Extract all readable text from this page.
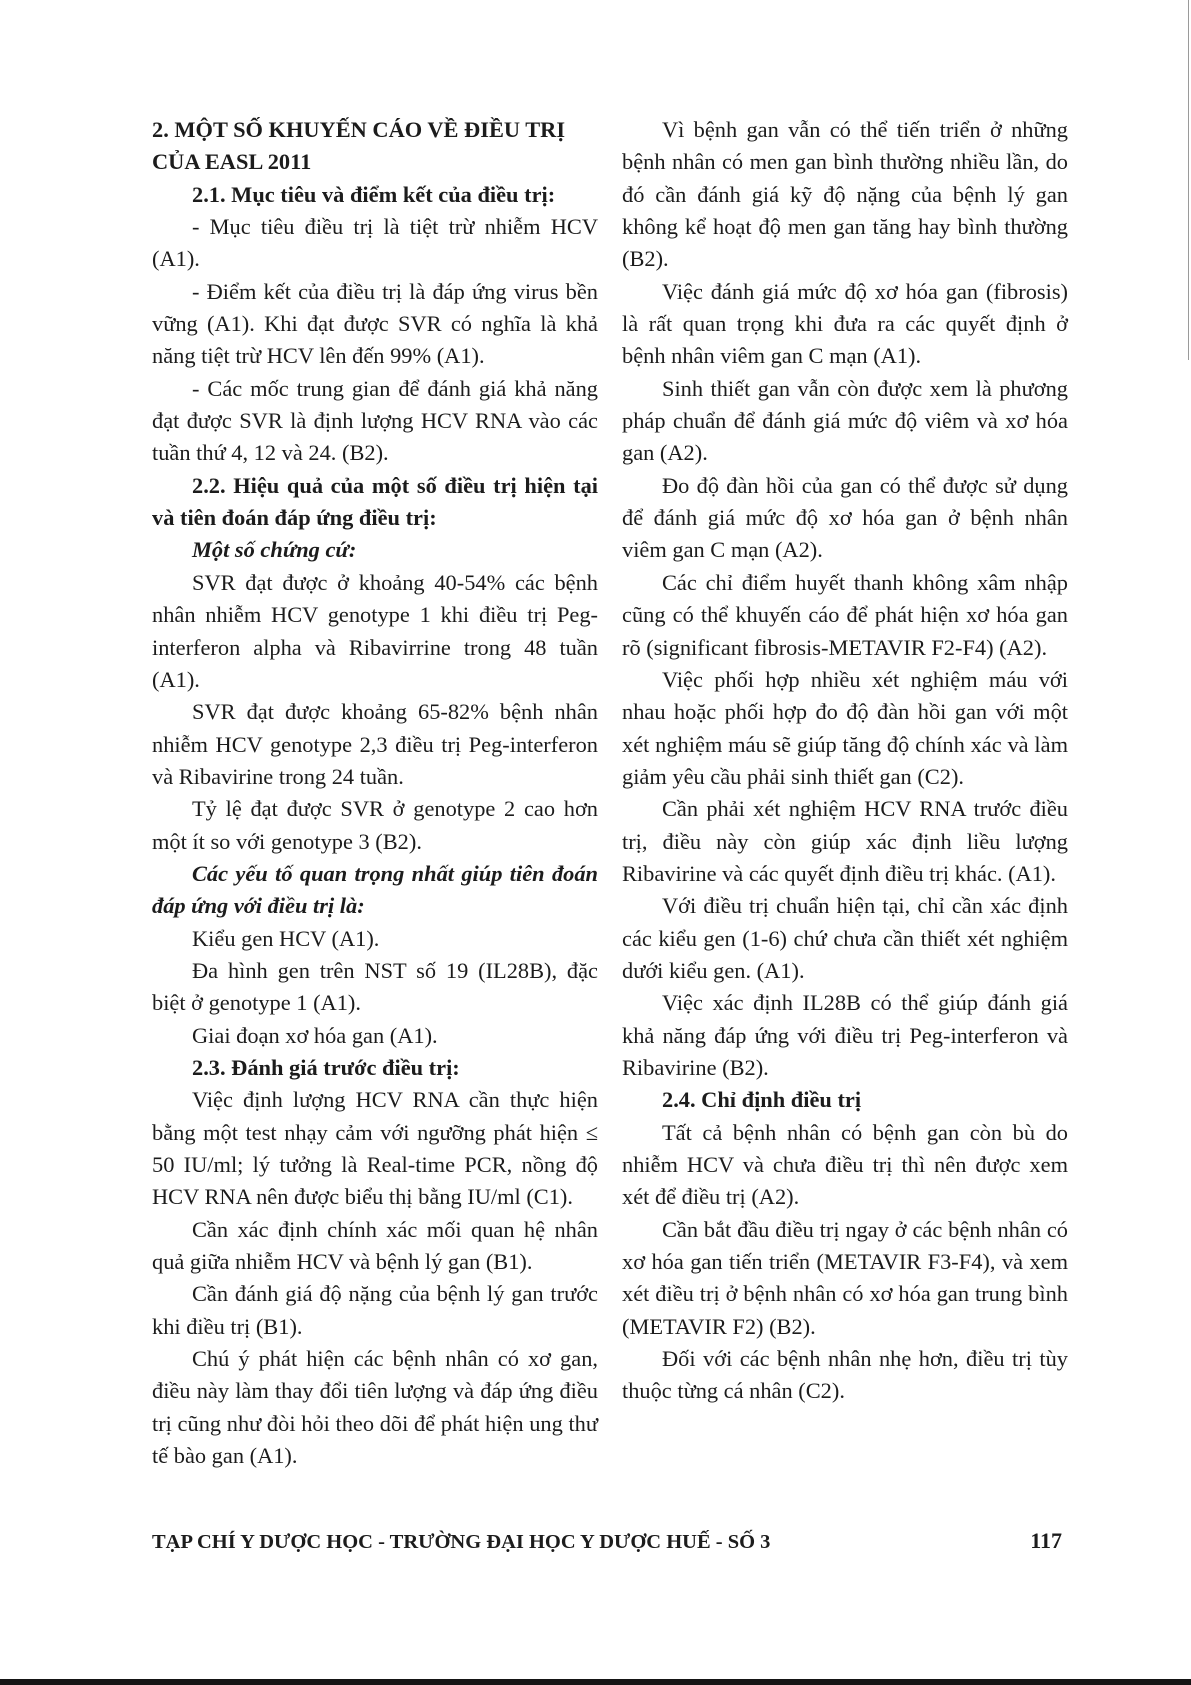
2. MỘT SỐ KHUYẾN CÁO VỀ ĐIỀU TRỊ CỦA EASL 2011

2.1. Mục tiêu và điểm kết của điều trị:

- Mục tiêu điều trị là tiệt trừ nhiễm HCV (A1).

- Điểm kết của điều trị là đáp ứng virus bền vững (A1). Khi đạt được SVR có nghĩa là khả năng tiệt trừ HCV lên đến 99% (A1).

- Các mốc trung gian để đánh giá khả năng đạt được SVR là định lượng HCV RNA vào các tuần thứ 4, 12 và 24. (B2).

2.2. Hiệu quả của một số điều trị hiện tại và tiên đoán đáp ứng điều trị:

Một số chứng cứ:

SVR đạt được ở khoảng 40-54% các bệnh nhân nhiễm HCV genotype 1 khi điều trị Peg-interferon alpha và Ribavirrine trong 48 tuần (A1).

SVR đạt được khoảng 65-82% bệnh nhân nhiễm HCV genotype 2,3 điều trị Peg-interferon và Ribavirine trong 24 tuần.

Tỷ lệ đạt được SVR ở genotype 2 cao hơn một ít so với genotype 3 (B2).

Các yếu tố quan trọng nhất giúp tiên đoán đáp ứng với điều trị là:

Kiểu gen HCV (A1).

Đa hình gen trên NST số 19 (IL28B), đặc biệt ở genotype 1 (A1).

Giai đoạn xơ hóa gan (A1).

2.3. Đánh giá trước điều trị:

Việc định lượng HCV RNA cần thực hiện bằng một test nhạy cảm với ngưỡng phát hiện ≤ 50 IU/ml; lý tưởng là Real-time PCR, nồng độ HCV RNA nên được biểu thị bằng IU/ml (C1).

Cần xác định chính xác mối quan hệ nhân quả giữa nhiễm HCV và bệnh lý gan (B1).

Cần đánh giá độ nặng của bệnh lý gan trước khi điều trị (B1).

Chú ý phát hiện các bệnh nhân có xơ gan, điều này làm thay đổi tiên lượng và đáp ứng điều trị cũng như đòi hỏi theo dõi để phát hiện ung thư tế bào gan (A1).

Vì bệnh gan vẫn có thể tiến triển ở những bệnh nhân có men gan bình thường nhiều lần, do đó cần đánh giá kỹ độ nặng của bệnh lý gan không kể hoạt độ men gan tăng hay bình thường (B2).

Việc đánh giá mức độ xơ hóa gan (fibrosis) là rất quan trọng khi đưa ra các quyết định ở bệnh nhân viêm gan C mạn (A1).

Sinh thiết gan vẫn còn được xem là phương pháp chuẩn để đánh giá mức độ viêm và xơ hóa gan (A2).

Đo độ đàn hồi của gan có thể được sử dụng để đánh giá mức độ xơ hóa gan ở bệnh nhân viêm gan C mạn (A2).

Các chỉ điểm huyết thanh không xâm nhập cũng có thể khuyến cáo để phát hiện xơ hóa gan rõ (significant fibrosis-METAVIR F2-F4) (A2).

Việc phối hợp nhiều xét nghiệm máu với nhau hoặc phối hợp đo độ đàn hồi gan với một xét nghiệm máu sẽ giúp tăng độ chính xác và làm giảm yêu cầu phải sinh thiết gan (C2).

Cần phải xét nghiệm HCV RNA trước điều trị, điều này còn giúp xác định liều lượng Ribavirine và các quyết định điều trị khác. (A1).

Với điều trị chuẩn hiện tại, chỉ cần xác định các kiểu gen (1-6) chứ chưa cần thiết xét nghiệm dưới kiểu gen. (A1).

Việc xác định IL28B có thể giúp đánh giá khả năng đáp ứng với điều trị Peg-interferon và Ribavirine (B2).

2.4. Chỉ định điều trị

Tất cả bệnh nhân có bệnh gan còn bù do nhiễm HCV và chưa điều trị thì nên được xem xét để điều trị (A2).

Cần bắt đầu điều trị ngay ở các bệnh nhân có xơ hóa gan tiến triển (METAVIR F3-F4), và xem xét điều trị ở bệnh nhân có xơ hóa gan trung bình (METAVIR F2) (B2).

Đối với các bệnh nhân nhẹ hơn, điều trị tùy thuộc từng cá nhân (C2).

TẠP CHÍ Y DƯỢC HỌC - TRƯỜNG ĐẠI HỌC Y DƯỢC HUẾ - SỐ 3	117
